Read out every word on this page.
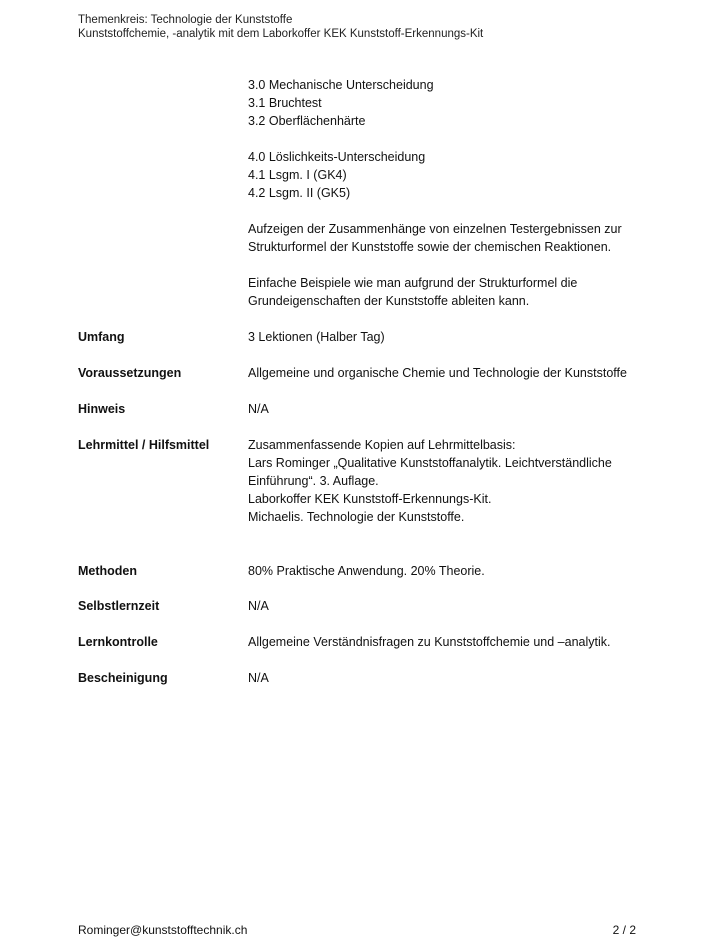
Themenkreis: Technologie der Kunststoffe
Kunststoffchemie, -analytik mit dem Laborkoffer KEK Kunststoff-Erkennungs-Kit
3.0 Mechanische Unterscheidung
3.1 Bruchtest
3.2 Oberflächenhärte
4.0 Löslichkeits-Unterscheidung
4.1 Lsgm. I (GK4)
4.2 Lsgm. II (GK5)
Aufzeigen der Zusammenhänge von einzelnen Testergebnissen zur
Strukturformel der Kunststoffe sowie der chemischen Reaktionen.
Einfache Beispiele wie man aufgrund der Strukturformel die
Grundeigenschaften der Kunststoffe ableiten kann.
Umfang	3 Lektionen (Halber Tag)
Voraussetzungen	Allgemeine und organische Chemie und Technologie der Kunststoffe
Hinweis	N/A
Lehrmittel / Hilfsmittel	Zusammenfassende Kopien auf Lehrmittelbasis:
Lars Rominger „Qualitative Kunststoffanalytik. Leichtverständliche
Einführung“. 3. Auflage.
Laborkoffer KEK Kunststoff-Erkennungs-Kit.
Michaelis. Technologie der Kunststoffe.
Methoden	80% Praktische Anwendung. 20% Theorie.
Selbstlernzeit	N/A
Lernkontrolle	Allgemeine Verständnisfragen zu Kunststoffchemie und –analytik.
Bescheinigung	N/A
Rominger@kunststofftechnik.ch	2 / 2
